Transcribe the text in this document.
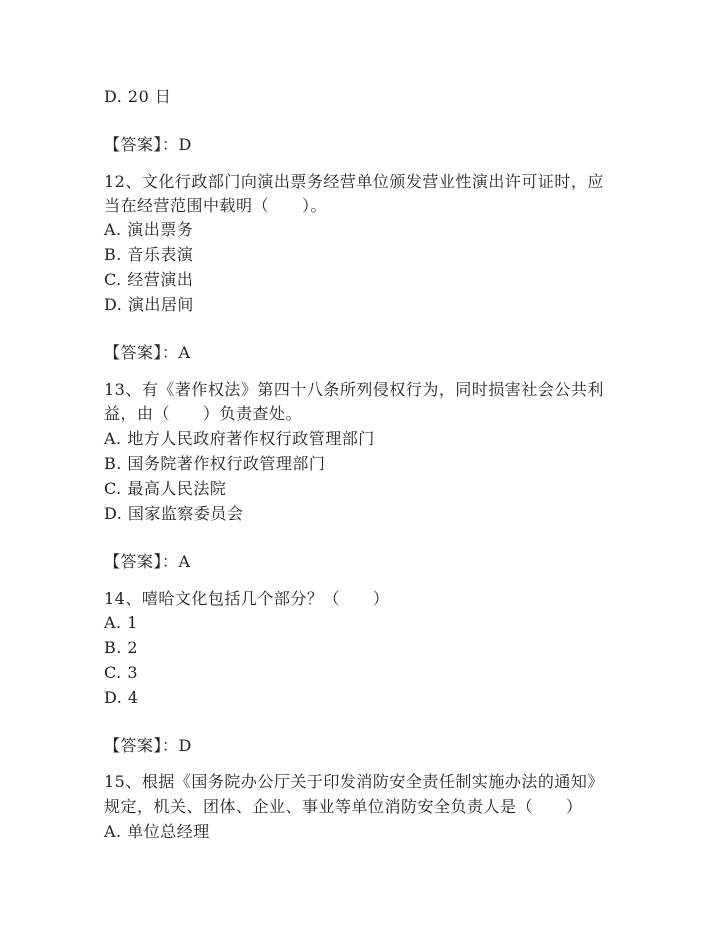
D. 20 日
【答案】：D
12、文化行政部门向演出票务经营单位颁发营业性演出许可证时，应
当在经营范围中载明（　　）。
A. 演出票务
B. 音乐表演
C. 经营演出
D. 演出居间
【答案】：A
13、有《著作权法》第四十八条所列侵权行为，同时损害社会公共利
益，由（　　）负责查处。
A. 地方人民政府著作权行政管理部门
B. 国务院著作权行政管理部门
C. 最高人民法院
D. 国家监察委员会
【答案】：A
14、嘻哈文化包括几个部分？（　　）
A. 1
B. 2
C. 3
D. 4
【答案】：D
15、根据《国务院办公厅关于印发消防安全责任制实施办法的通知》
规定，机关、团体、企业、事业等单位消防安全负责人是（　　）
A. 单位总经理
